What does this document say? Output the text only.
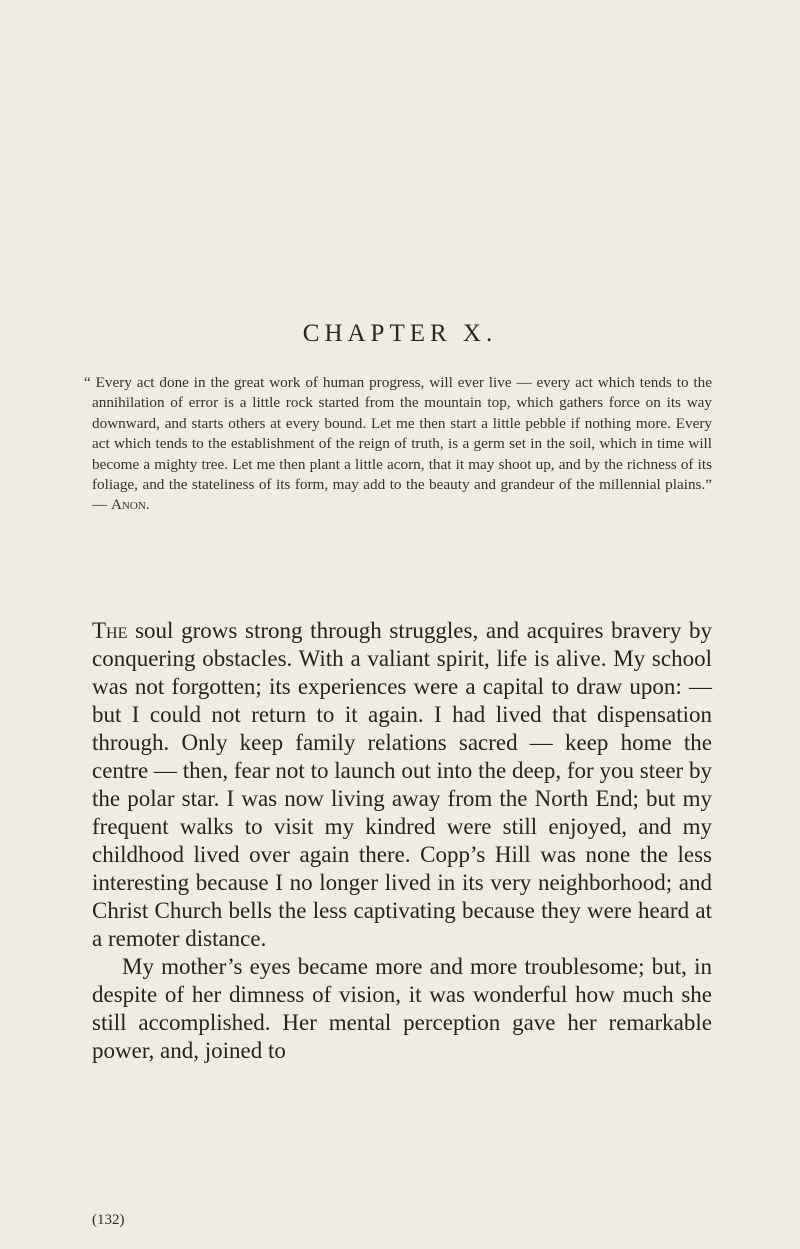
CHAPTER X.

“ Every act done in the great work of human progress, will ever live — every act which tends to the annihilation of error is a little rock started from the mountain top, which gathers force on its way downward, and starts others at every bound. Let me then start a little pebble if nothing more. Every act which tends to the establishment of the reign of truth, is a germ set in the soil, which in time will become a mighty tree. Let me then plant a little acorn, that it may shoot up, and by the richness of its foliage, and the stateliness of its form, may add to the beauty and grandeur of the millennial plains.” — Anon.

The soul grows strong through struggles, and acquires bravery by conquering obstacles. With a valiant spirit, life is alive. My school was not forgotten; its experiences were a capital to draw upon: — but I could not return to it again. I had lived that dispensation through. Only keep family relations sacred — keep home the centre — then, fear not to launch out into the deep, for you steer by the polar star. I was now living away from the North End; but my frequent walks to visit my kindred were still enjoyed, and my childhood lived over again there. Copp’s Hill was none the less interesting because I no longer lived in its very neighborhood; and Christ Church bells the less captivating because they were heard at a remoter distance.

My mother’s eyes became more and more troublesome; but, in despite of her dimness of vision, it was wonderful how much she still accomplished. Her mental perception gave her remarkable power, and, joined to

(132)
